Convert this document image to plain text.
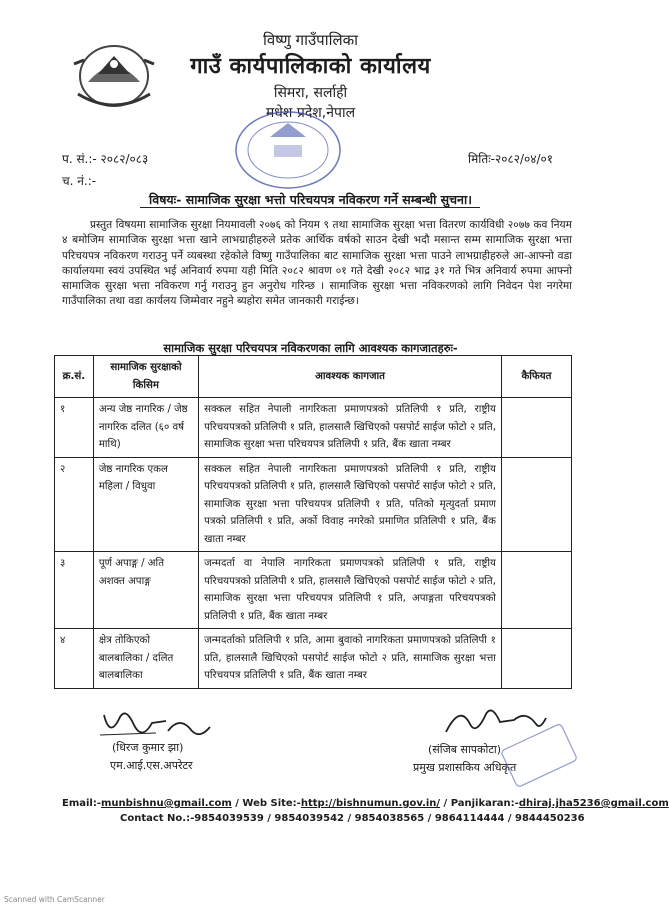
विष्णु गाउँपालिका
गाउँ कार्यपालिकाको कार्यालय
सिमरा, सर्लाही
मधेश प्रदेश,नेपाल
प. सं.:- २०८२/०८३
च. नं.:-
मितिः-२०८२/०४/०१
विषयः- सामाजिक सुरक्षा भत्तो परिचयपत्र नविकरण गर्ने सम्बन्धी सुचना।
प्रस्तुत विषयमा सामाजिक सुरक्षा नियमावली २०७६ को नियम ९ तथा सामाजिक सुरक्षा भत्ता वितरण कार्यविधी २०७७ कव नियम ४ बमोजिम सामाजिक सुरक्षा भत्ता खाने लाभग्राहीहरुले प्रतेक आर्थिक वर्षको साउन देखी भदौ मसान्त सम्म सामाजिक सुरक्षा भत्ता परिचयपत्र नविकरण गराउनु पर्ने व्यबस्था रहेकोले विष्णु गाउँपालिका बाट सामाजिक सुरक्षा भत्ता पाउने लाभग्राहीहरुले आ-आफ्नो वडा कार्यालयमा स्वयं उपस्थित भई अनिवार्य रुपमा यही मिति २०८२ श्रावण ०१ गते देखी २०८२ भाद्र ३१ गते भित्र अनिवार्य रुपमा आफ्नो सामाजिक सुरक्षा भत्ता नविकरण गर्नु गराउनु हुन अनुरोध गरिन्छ । सामाजिक सुरक्षा भत्ता नविकरणको लागि निवेदन पेश नगरेमा गाउँपालिका तथा वडा कार्यलय जिम्मेवार नहुने ब्यहोरा समेत जानकारी गराईन्छ।
सामाजिक सुरक्षा परिचयपत्र नविकरणका लागि आवश्यक कागजातहरुः-
क्र.सं.	सामाजिक सुरक्षाको किसिम	आवश्यक कागजात	कैफियत
१	अन्य जेष्ठ नागरिक / जेष्ठ नागरिक दलित (६० वर्ष माथि)	सक्कल सहित नेपाली नागरिकता प्रमाणपत्रको प्रतिलिपी १ प्रति, राष्ट्रीय परिचयपत्रको प्रतिलिपी १ प्रति, हालसालै खिचिएको पसपोर्ट साईज फोटो २ प्रति, सामाजिक सुरक्षा भत्ता परिचयपत्र प्रतिलिपी १ प्रति, बैंक खाता नम्बर	
२	जेष्ठ नागरिक एकल महिला / विधुवा	सक्कल सहित नेपाली नागरिकता प्रमाणपत्रको प्रतिलिपी १ प्रति, राष्ट्रीय परिचयपत्रको प्रतिलिपी १ प्रति, हालसालै खिचिएको पसपोर्ट साईज फोटो २ प्रति, सामाजिक सुरक्षा भत्ता परिचयपत्र प्रतिलिपी १ प्रति, पतिको मृत्युदर्ता प्रमाण पत्रको प्रतिलिपी १ प्रति, अर्को विवाह नगरेको प्रमाणित प्रतिलिपी १ प्रति, बैंक खाता नम्बर	
३	पूर्ण अपाङ्ग / अति अशक्त अपाङ्ग	जन्मदर्ता वा नेपालि नागरिकता प्रमाणपत्रको प्रतिलिपी १ प्रति, राष्ट्रीय परिचयपत्रको प्रतिलिपी १ प्रति, हालसालै खिचिएको पसपोर्ट साईज फोटो २ प्रति, सामाजिक सुरक्षा भत्ता परिचयपत्र प्रतिलिपी १ प्रति, अपाङ्गता परिचयपत्रको प्रतिलिपी १ प्रति, बैंक खाता नम्बर	
४	क्षेत्र तोकिएको बालबालिका / दलित बालबालिका	जन्मदर्ताको प्रतिलिपी १ प्रति, आमा बुवाको नागरिकता प्रमाणपत्रको प्रतिलिपी १ प्रति, हालसालै खिचिएको पसपोर्ट साईज फोटो २ प्रति, सामाजिक सुरक्षा भत्ता परिचयपत्र प्रतिलिपी १ प्रति, बैंक खाता नम्बर	
(धिरज कुमार झा)
एम.आई.एस.अपरेटर
(संजिब सापकोटा)
प्रमुख प्रशासकिय अधिकृत
Email:-munbishnu@gmail.com / Web Site:-http://bishnumun.gov.in/ / Panjikaran:-dhiraj.jha5236@gmail.com
Contact No.:-9854039539 / 9854039542 / 9854038565 / 9864114444 / 9844450236
Scanned with CamScanner
